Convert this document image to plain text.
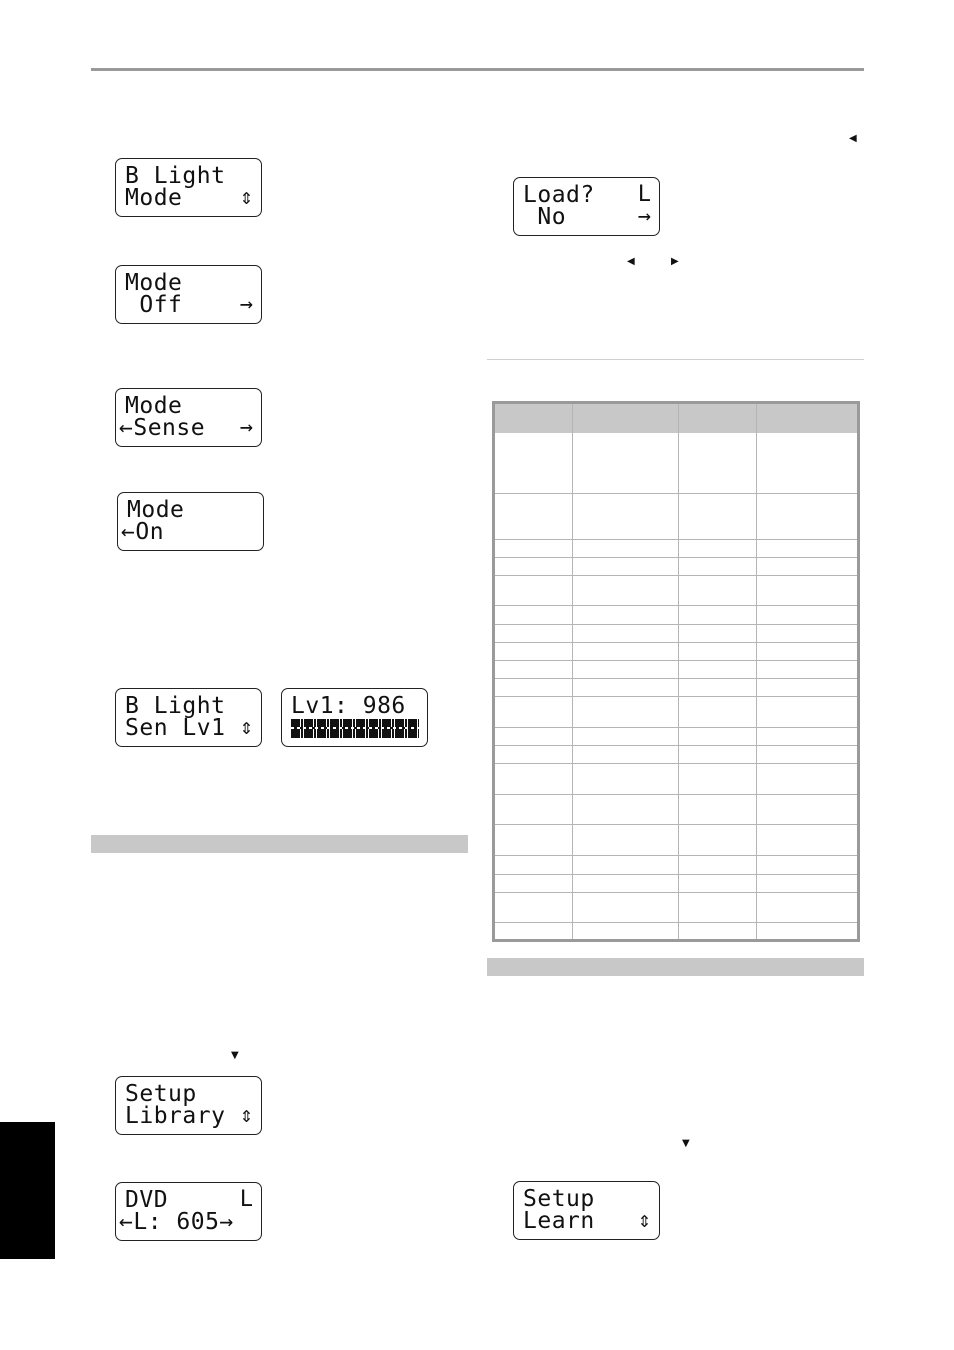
B Light
Mode	⇕
Mode
Off	→
Mode
←Sense →
Mode
←On
B Light
Sen Lv1 ⇕
Lv1: 986
▼
Setup
Library ⇕
DVD	L
←L: 605→
◀
Load? L
No	→
◀	▶
▼
Setup
Learn ⇕
